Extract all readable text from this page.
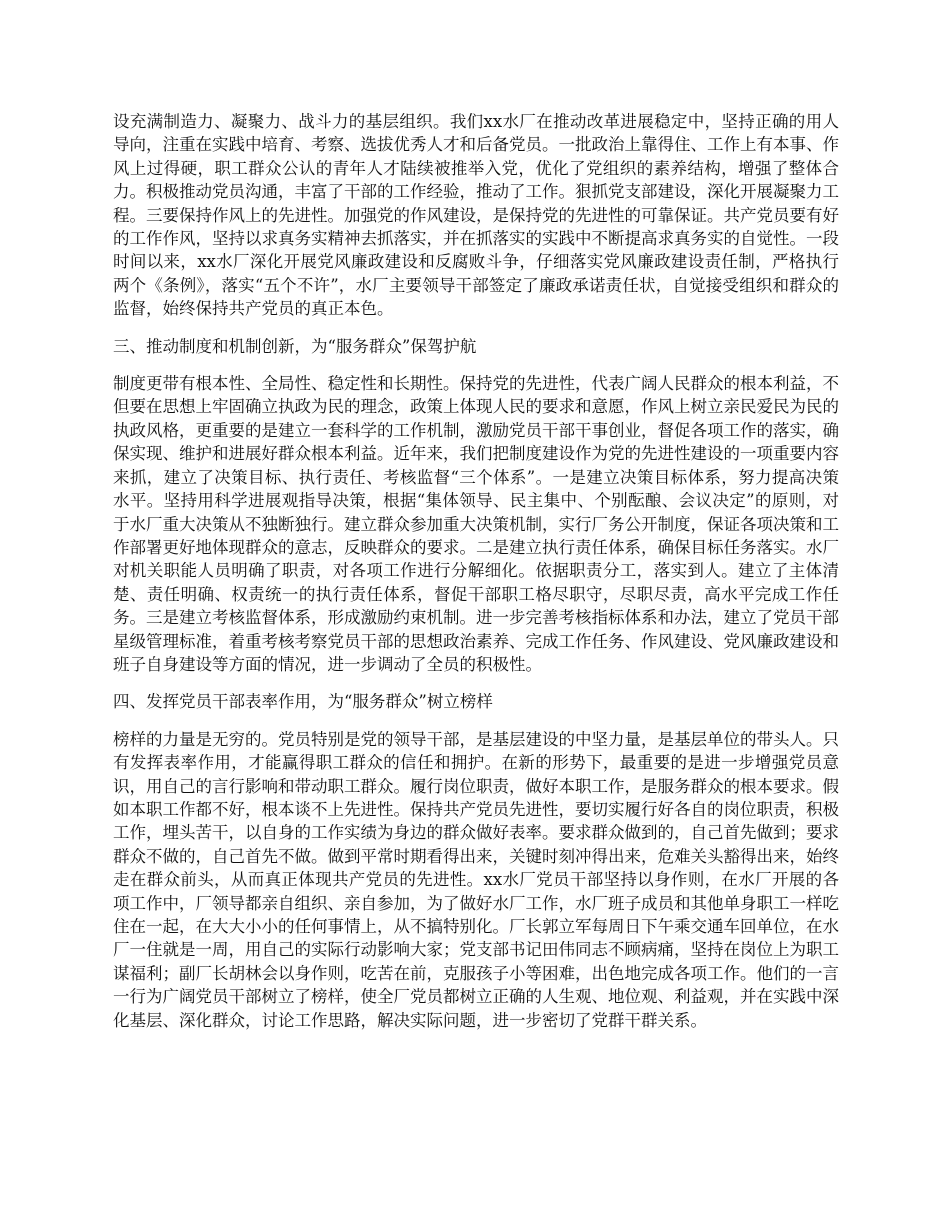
设充满制造力、凝聚力、战斗力的基层组织。我们xx水厂在推动改革进展稳定中，坚持正确的用人导向，注重在实践中培育、考察、选拔优秀人才和后备党员。一批政治上靠得住、工作上有本事、作风上过得硬，职工群众公认的青年人才陆续被推举入党，优化了党组织的素养结构，增强了整体合力。积极推动党员沟通，丰富了干部的工作经验，推动了工作。狠抓党支部建设，深化开展凝聚力工程。三要保持作风上的先进性。加强党的作风建设，是保持党的先进性的可靠保证。共产党员要有好的工作作风，坚持以求真务实精神去抓落实，并在抓落实的实践中不断提高求真务实的自觉性。一段时间以来，xx水厂深化开展党风廉政建设和反腐败斗争，仔细落实党风廉政建设责任制，严格执行两个《条例》，落实“五个不许”，水厂主要领导干部签定了廉政承诺责任状，自觉接受组织和群众的监督，始终保持共产党员的真正本色。

三、推动制度和机制创新，为“服务群众”保驾护航

制度更带有根本性、全局性、稳定性和长期性。保持党的先进性，代表广阔人民群众的根本利益，不但要在思想上牢固确立执政为民的理念，政策上体现人民的要求和意愿，作风上树立亲民爱民为民的执政风格，更重要的是建立一套科学的工作机制，激励党员干部干事创业，督促各项工作的落实，确保实现、维护和进展好群众根本利益。近年来，我们把制度建设作为党的先进性建设的一项重要内容来抓，建立了决策目标、执行责任、考核监督“三个体系”。一是建立决策目标体系，努力提高决策水平。坚持用科学进展观指导决策，根据“集体领导、民主集中、个别酝酿、会议决定”的原则，对于水厂重大决策从不独断独行。建立群众参加重大决策机制，实行厂务公开制度，保证各项决策和工作部署更好地体现群众的意志，反映群众的要求。二是建立执行责任体系，确保目标任务落实。水厂对机关职能人员明确了职责，对各项工作进行分解细化。依据职责分工，落实到人。建立了主体清楚、责任明确、权责统一的执行责任体系，督促干部职工格尽职守，尽职尽责，高水平完成工作任务。三是建立考核监督体系，形成激励约束机制。进一步完善考核指标体系和办法，建立了党员干部星级管理标准，着重考核考察党员干部的思想政治素养、完成工作任务、作风建设、党风廉政建设和班子自身建设等方面的情况，进一步调动了全员的积极性。

四、发挥党员干部表率作用，为“服务群众”树立榜样

榜样的力量是无穷的。党员特别是党的领导干部，是基层建设的中坚力量，是基层单位的带头人。只有发挥表率作用，才能赢得职工群众的信任和拥护。在新的形势下，最重要的是进一步增强党员意识，用自己的言行影响和带动职工群众。履行岗位职责，做好本职工作，是服务群众的根本要求。假如本职工作都不好，根本谈不上先进性。保持共产党员先进性，要切实履行好各自的岗位职责，积极工作，埋头苦干，以自身的工作实绩为身边的群众做好表率。要求群众做到的，自己首先做到；要求群众不做的，自己首先不做。做到平常时期看得出来，关键时刻冲得出来，危难关头豁得出来，始终走在群众前头，从而真正体现共产党员的先进性。xx水厂党员干部坚持以身作则，在水厂开展的各项工作中，厂领导都亲自组织、亲自参加，为了做好水厂工作，水厂班子成员和其他单身职工一样吃住在一起，在大大小小的任何事情上，从不搞特别化。厂长郭立军每周日下午乘交通车回单位，在水厂一住就是一周，用自己的实际行动影响大家；党支部书记田伟同志不顾病痛，坚持在岗位上为职工谋福利；副厂长胡林会以身作则，吃苦在前，克服孩子小等困难，出色地完成各项工作。他们的一言一行为广阔党员干部树立了榜样，使全厂党员都树立正确的人生观、地位观、利益观，并在实践中深化基层、深化群众，讨论工作思路，解决实际问题，进一步密切了党群干群关系。
